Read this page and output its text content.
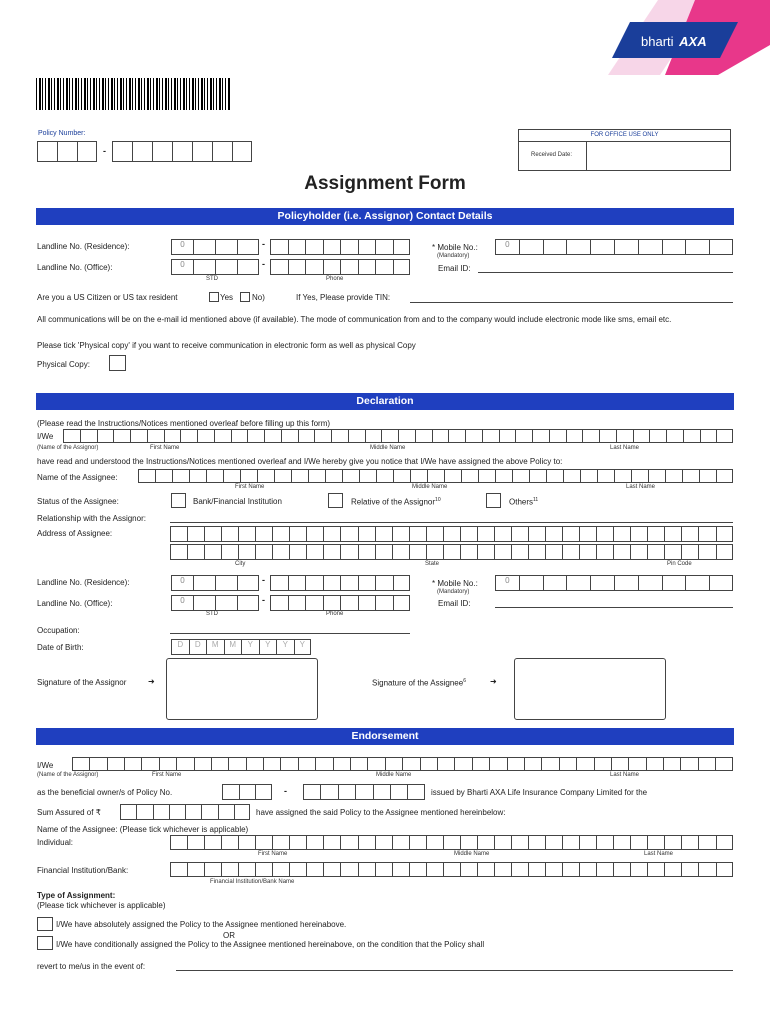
bharti AXA
Policy Number:
-
FOR OFFICE USE ONLY
Received Date:
Assignment Form
Policyholder (i.e. Assignor) Contact Details
Landline No. (Residence):	0	-
Landline No. (Office):	0	-
STD	Phone
* Mobile No.:
(Mandatory)
0
Email ID:
Are you a US Citizen or US tax resident	Yes No)	If Yes, Please provide TIN:
All communications will be on the e-mail id mentioned above (if available). The mode of communication from and to the company would include electronic mode like sms, email etc.
Please tick 'Physical copy' if you want to receive communication in electronic form as well as physical Copy
Physical Copy:
Declaration
(Please read the Instructions/Notices mentioned overleaf before filling up this form)
I/We
(Name of the Assignor)	First Name	Middle Name	Last Name
have read and understood the Instructions/Notices mentioned overleaf and I/We hereby give you notice that I/We have assigned the above Policy to:
Name of the Assignee:
First Name	Middle Name	Last Name
Status of the Assignee:	Bank/Financial Institution	Relative of the Assignor$^{10}$	Others$^{11}$
Relationship with the Assignor:
Address of Assignee:
City	State	Pin Code
Landline No. (Residence):	0	-
Landline No. (Office):	0	-
STD	Phone
* Mobile No.:
(Mandatory)
0
Email ID:
Occupation:
Date of Birth:	D	D	M	M	Y	Y	Y	Y
Signature of the Assignor	➜	Signature of the Assignee$^6$	➜
Endorsement
I/We
(Name of the Assignor)	First Name	Middle Name	Last Name
as the beneficial owner/s of Policy No.	-	issued by Bharti AXA Life Insurance Company Limited for the
Sum Assured of ₹	have assigned the said Policy to the Assignee mentioned hereinbelow:
Name of the Assignee: (Please tick whichever is applicable)
Individual:
First Name	Middle Name	Last Name
Financial Institution/Bank:
Financial Institution/Bank Name
Type of Assignment:
(Please tick whichever is applicable)
I/We have absolutely assigned the Policy to the Assignee mentioned hereinabove.
OR
I/We have conditionally assigned the Policy to the Assignee mentioned hereinabove, on the condition that the Policy shall
revert to me/us in the event of:
